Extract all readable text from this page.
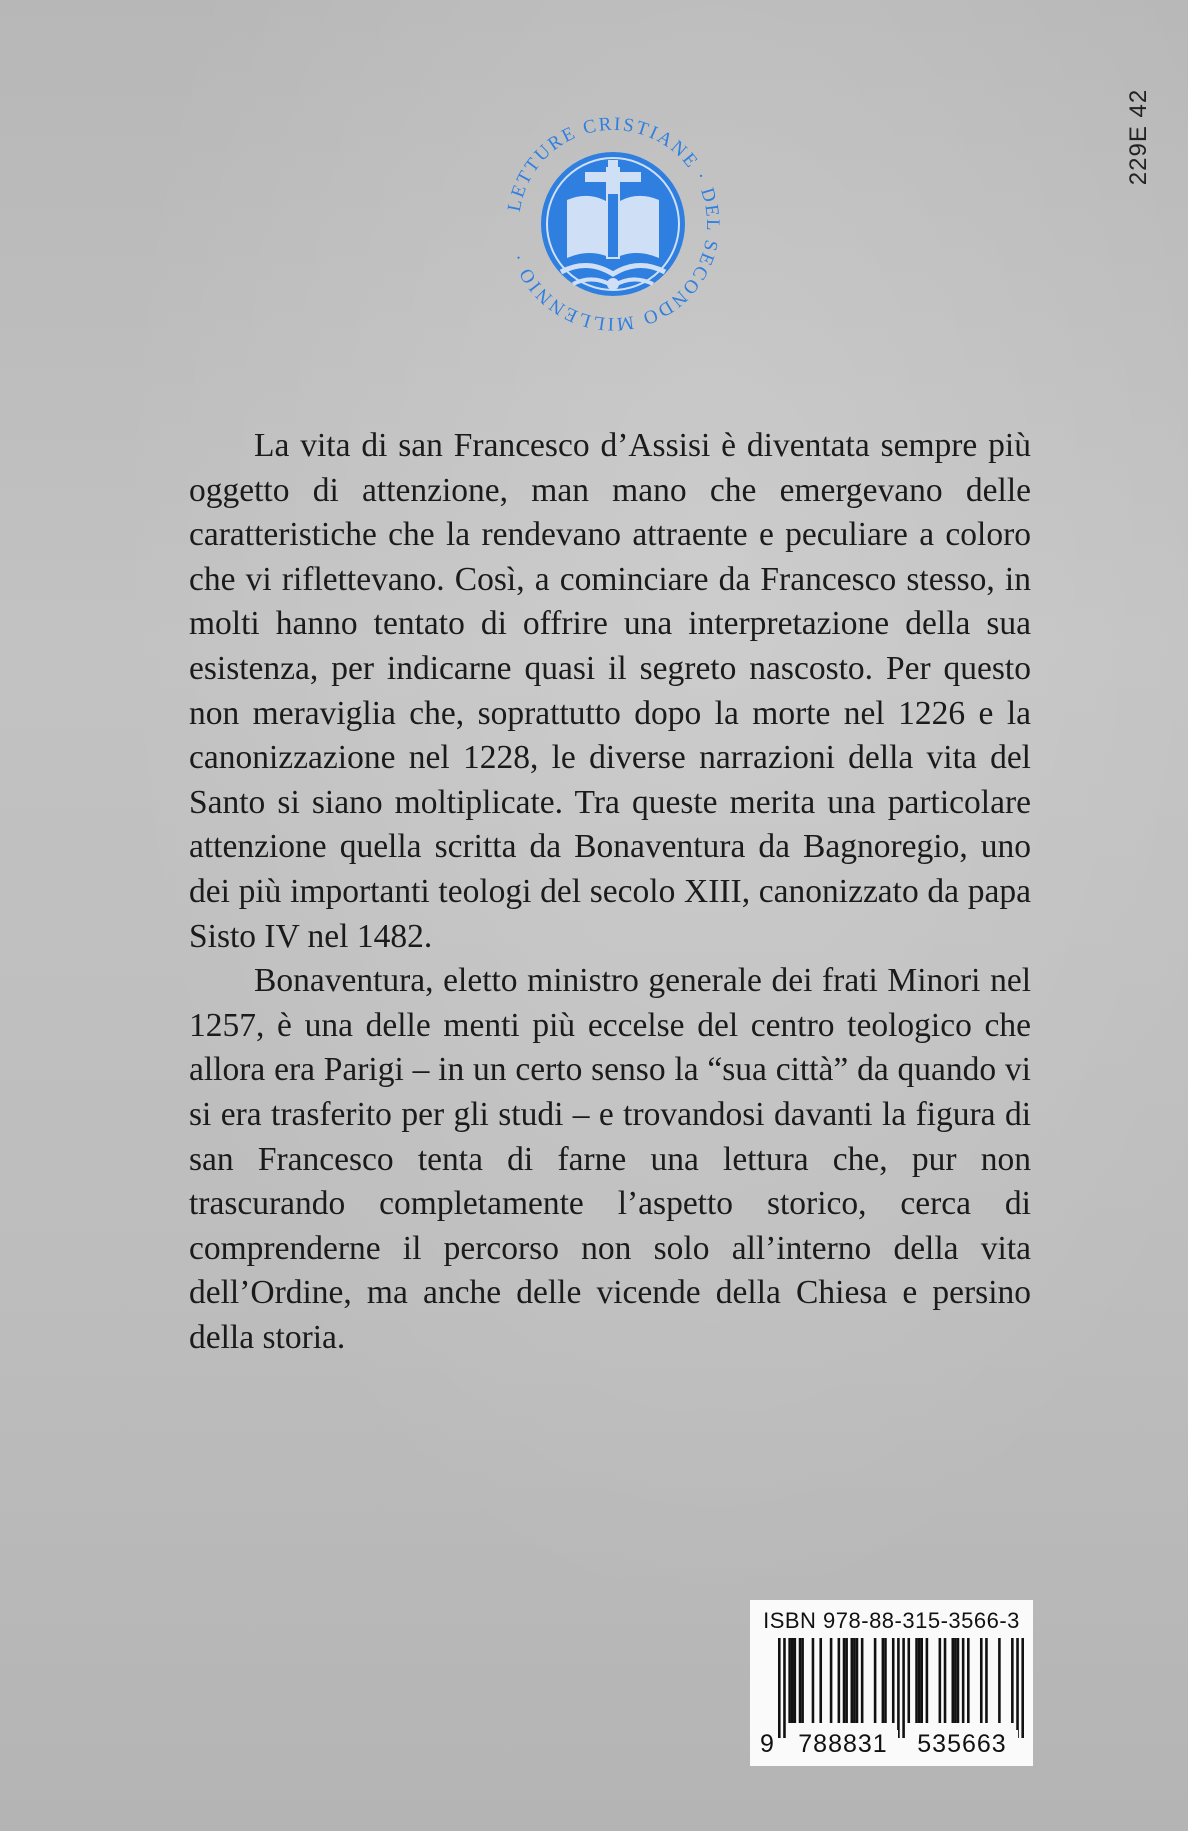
229E 42
LETTURE CRISTIANE · DEL SECONDO MILLENNIO ·

La vita di san Francesco d’Assisi è diventata sempre più oggetto di attenzione, man mano che emergevano delle caratteristiche che la rendevano attraente e peculiare a coloro che vi riflettevano. Così, a cominciare da Francesco stesso, in molti hanno tentato di offrire una interpretazione della sua esistenza, per indicarne quasi il segreto nascosto. Per questo non meraviglia che, soprattutto dopo la morte nel 1226 e la canonizzazione nel 1228, le diverse narrazioni della vita del Santo si siano moltiplicate. Tra queste merita una particolare attenzione quella scritta da Bonaventura da Bagnoregio, uno dei più importanti teologi del secolo XIII, canonizzato da papa Sisto IV nel 1482.

Bonaventura, eletto ministro generale dei frati Minori nel 1257, è una delle menti più eccelse del centro teologico che allora era Parigi – in un certo senso la “sua città” da quando vi si era trasferito per gli studi – e trovandosi davanti la figura di san Francesco tenta di farne una lettura che, pur non trascurando completamente l’aspetto storico, cerca di comprenderne il percorso non solo all’interno della vita dell’Ordine, ma anche delle vicende della Chiesa e persino della storia.

ISBN 978-88-315-3566-3
9 788831	535663
